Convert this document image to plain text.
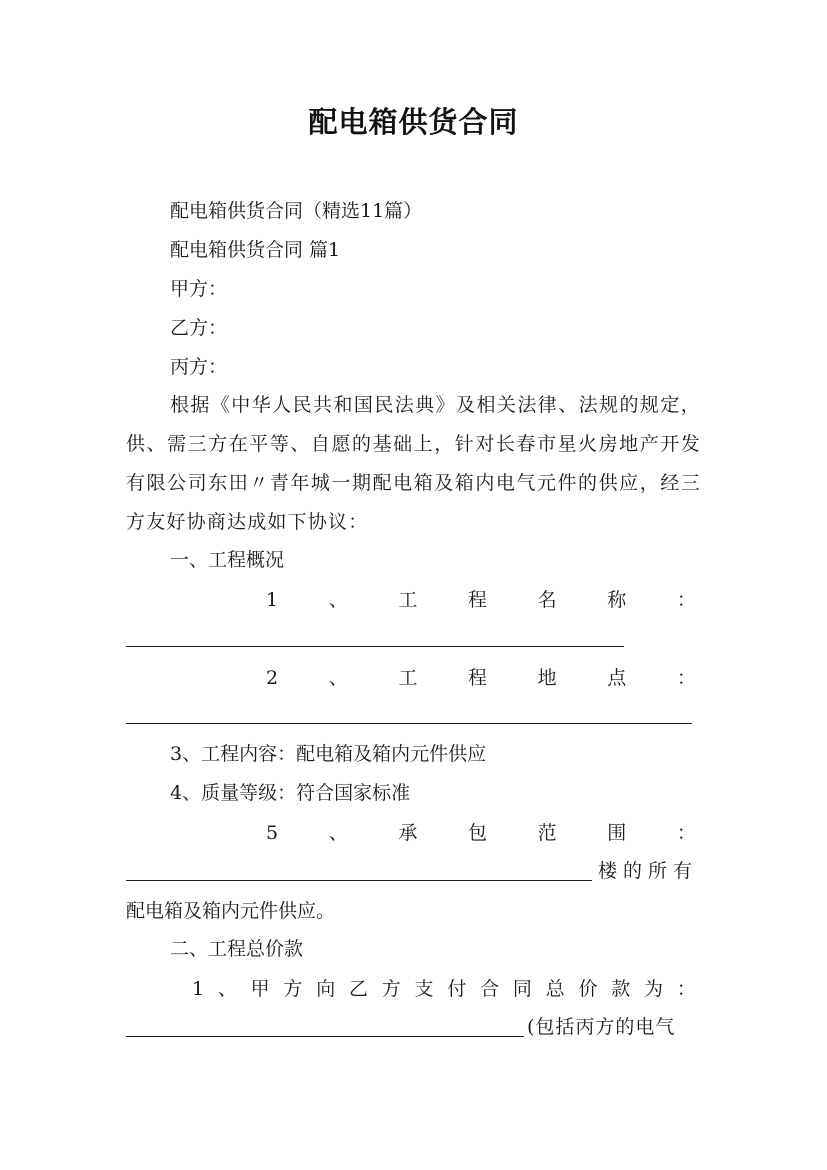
配电箱供货合同
配电箱供货合同（精选11篇）
配电箱供货合同 篇1
甲方：
乙方：
丙方：
根据《中华人民共和国民法典》及相关法律、法规的规定，供、需三方在平等、自愿的基础上，针对长春市星火房地产开发有限公司东田〃青年城一期配电箱及箱内电气元件的供应，经三方友好协商达成如下协议：
一、工程概况
1	、	工	程	名	称	：
2	、	工	程	地	点	：
3、工程内容：配电箱及箱内元件供应
4、质量等级：符合国家标准
5	、	承	包	范	围	：
楼的所有
配电箱及箱内元件供应。
二、工程总价款
1 、 甲 方 向 乙 方 支 付 合 同 总 价 款 为 ：
(包括丙方的电气
